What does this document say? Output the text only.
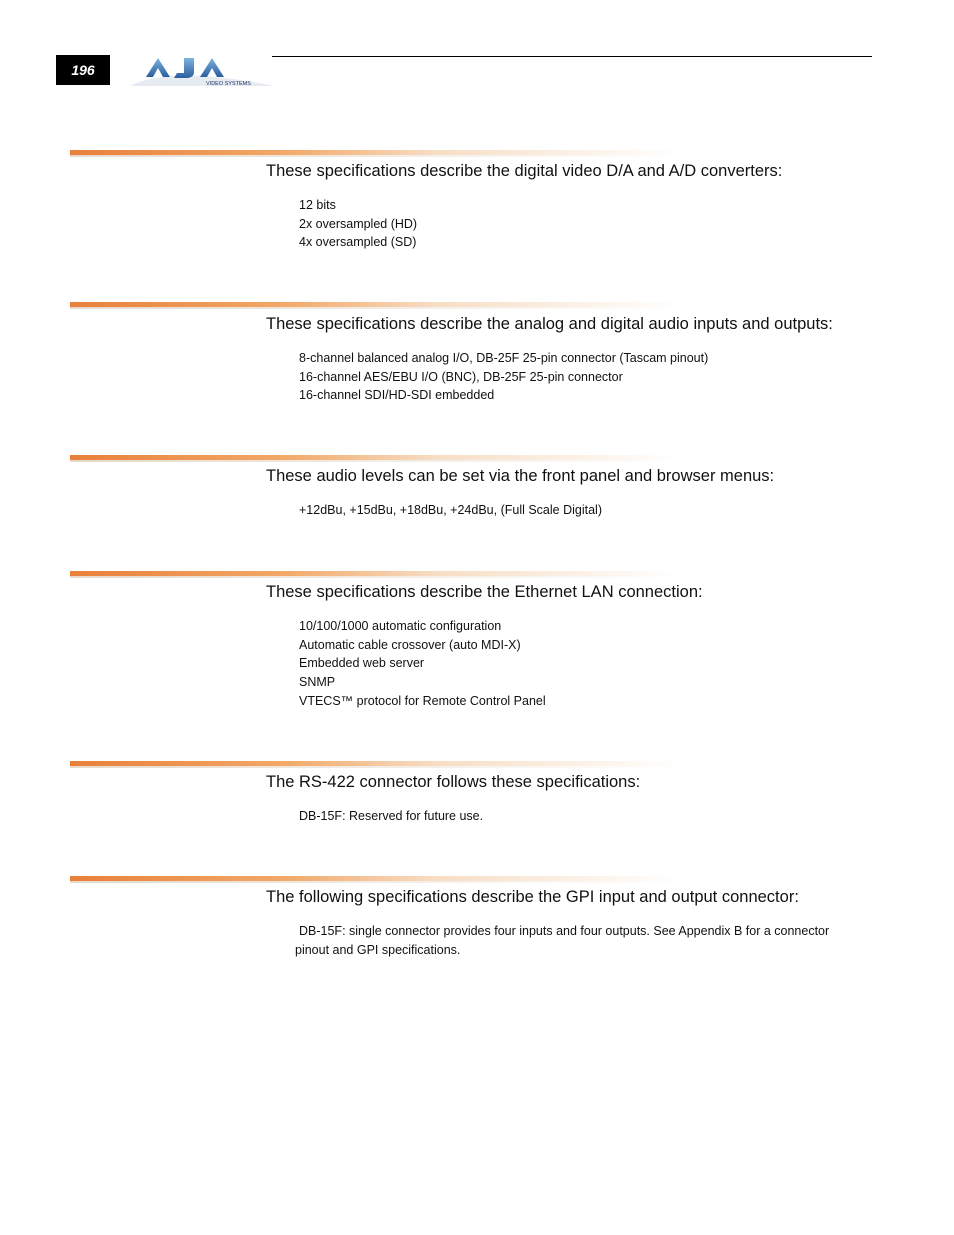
196
VIDEO SYSTEMS
These specifications describe the digital video D/A and A/D converters:
12 bits
2x oversampled (HD)
4x oversampled (SD)
These specifications describe the analog and digital audio inputs and outputs:
8-channel balanced analog I/O, DB-25F 25-pin connector (Tascam pinout)
16-channel AES/EBU I/O (BNC), DB-25F 25-pin connector
16-channel SDI/HD-SDI embedded
These audio levels can be set via the front panel and browser menus:
+12dBu, +15dBu, +18dBu, +24dBu, (Full Scale Digital)
These specifications describe the Ethernet LAN connection:
10/100/1000 automatic configuration
Automatic cable crossover (auto MDI-X)
Embedded web server
SNMP
VTECS™ protocol for Remote Control Panel
The RS-422 connector follows these specifications:
DB-15F: Reserved for future use.
The following specifications describe the GPI input and output connector:

DB-15F: single connector provides four inputs and four outputs. See Appendix B for a connector pinout and GPI specifications.
